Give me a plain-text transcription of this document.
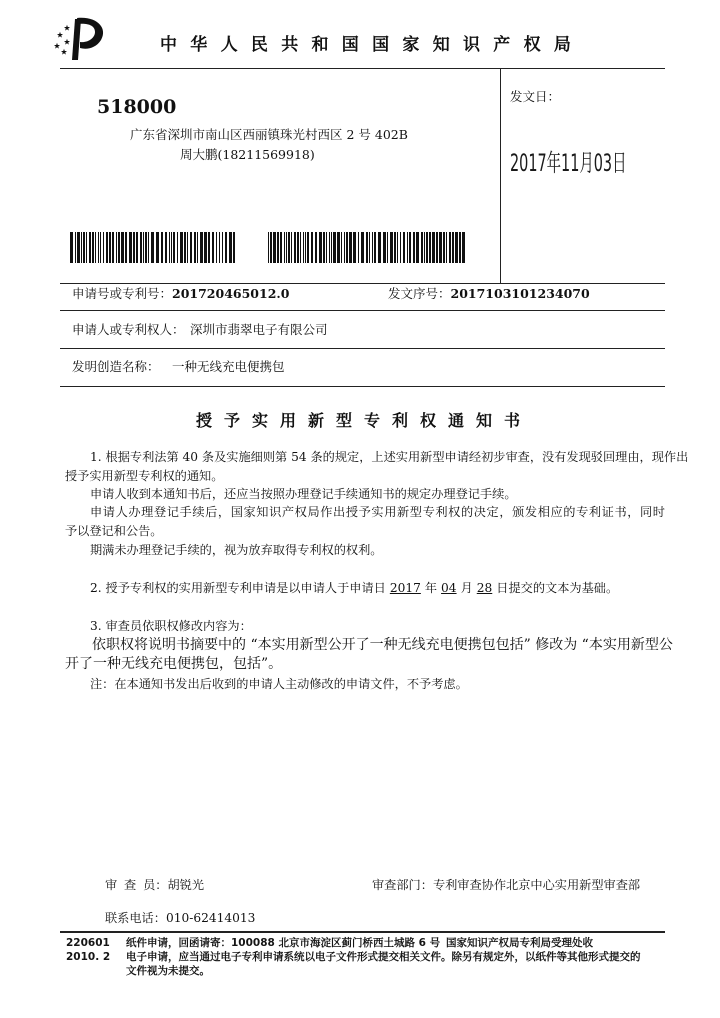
中华人民共和国国家知识产权局
518000
广东省深圳市南山区西丽镇珠光村西区 2 号 402B
周大鹏(18211569918)
发文日：
2017年11月03日
申请号或专利号：201720465012.0	发文序号：2017103101234070
申请人或专利权人： 深圳市翡翠电子有限公司
发明创造名称： 一种无线充电便携包
授予实用新型专利权通知书
1. 根据专利法第 40 条及实施细则第 54 条的规定，上述实用新型申请经初步审查，没有发现驳回理由，现作出
授予实用新型专利权的通知。
申请人收到本通知书后，还应当按照办理登记手续通知书的规定办理登记手续。
申请人办理登记手续后，国家知识产权局作出授予实用新型专利权的决定，颁发相应的专利证书，同时
予以登记和公告。
期满未办理登记手续的，视为放弃取得专利权的权利。
2. 授予专利权的实用新型专利申请是以申请人于申请日 2017 年 04 月 28 日提交的文本为基础。
3. 审查员依职权修改内容为：
依职权将说明书摘要中的 “本实用新型公开了一种无线充电便携包包括” 修改为 “本实用新型公
开了一种无线充电便携包，包括”。
注：在本通知书发出后收到的申请人主动修改的申请文件，不予考虑。
审 查 员：胡锐光	审查部门：专利审查协作北京中心实用新型审查部
联系电话：010-62414013
220601 纸件申请，回函请寄：100088 北京市海淀区蓟门桥西土城路 6 号 国家知识产权局专利局受理处收
2010. 2 电子申请，应当通过电子专利申请系统以电子文件形式提交相关文件。除另有规定外，以纸件等其他形式提交的
文件视为未提交。
